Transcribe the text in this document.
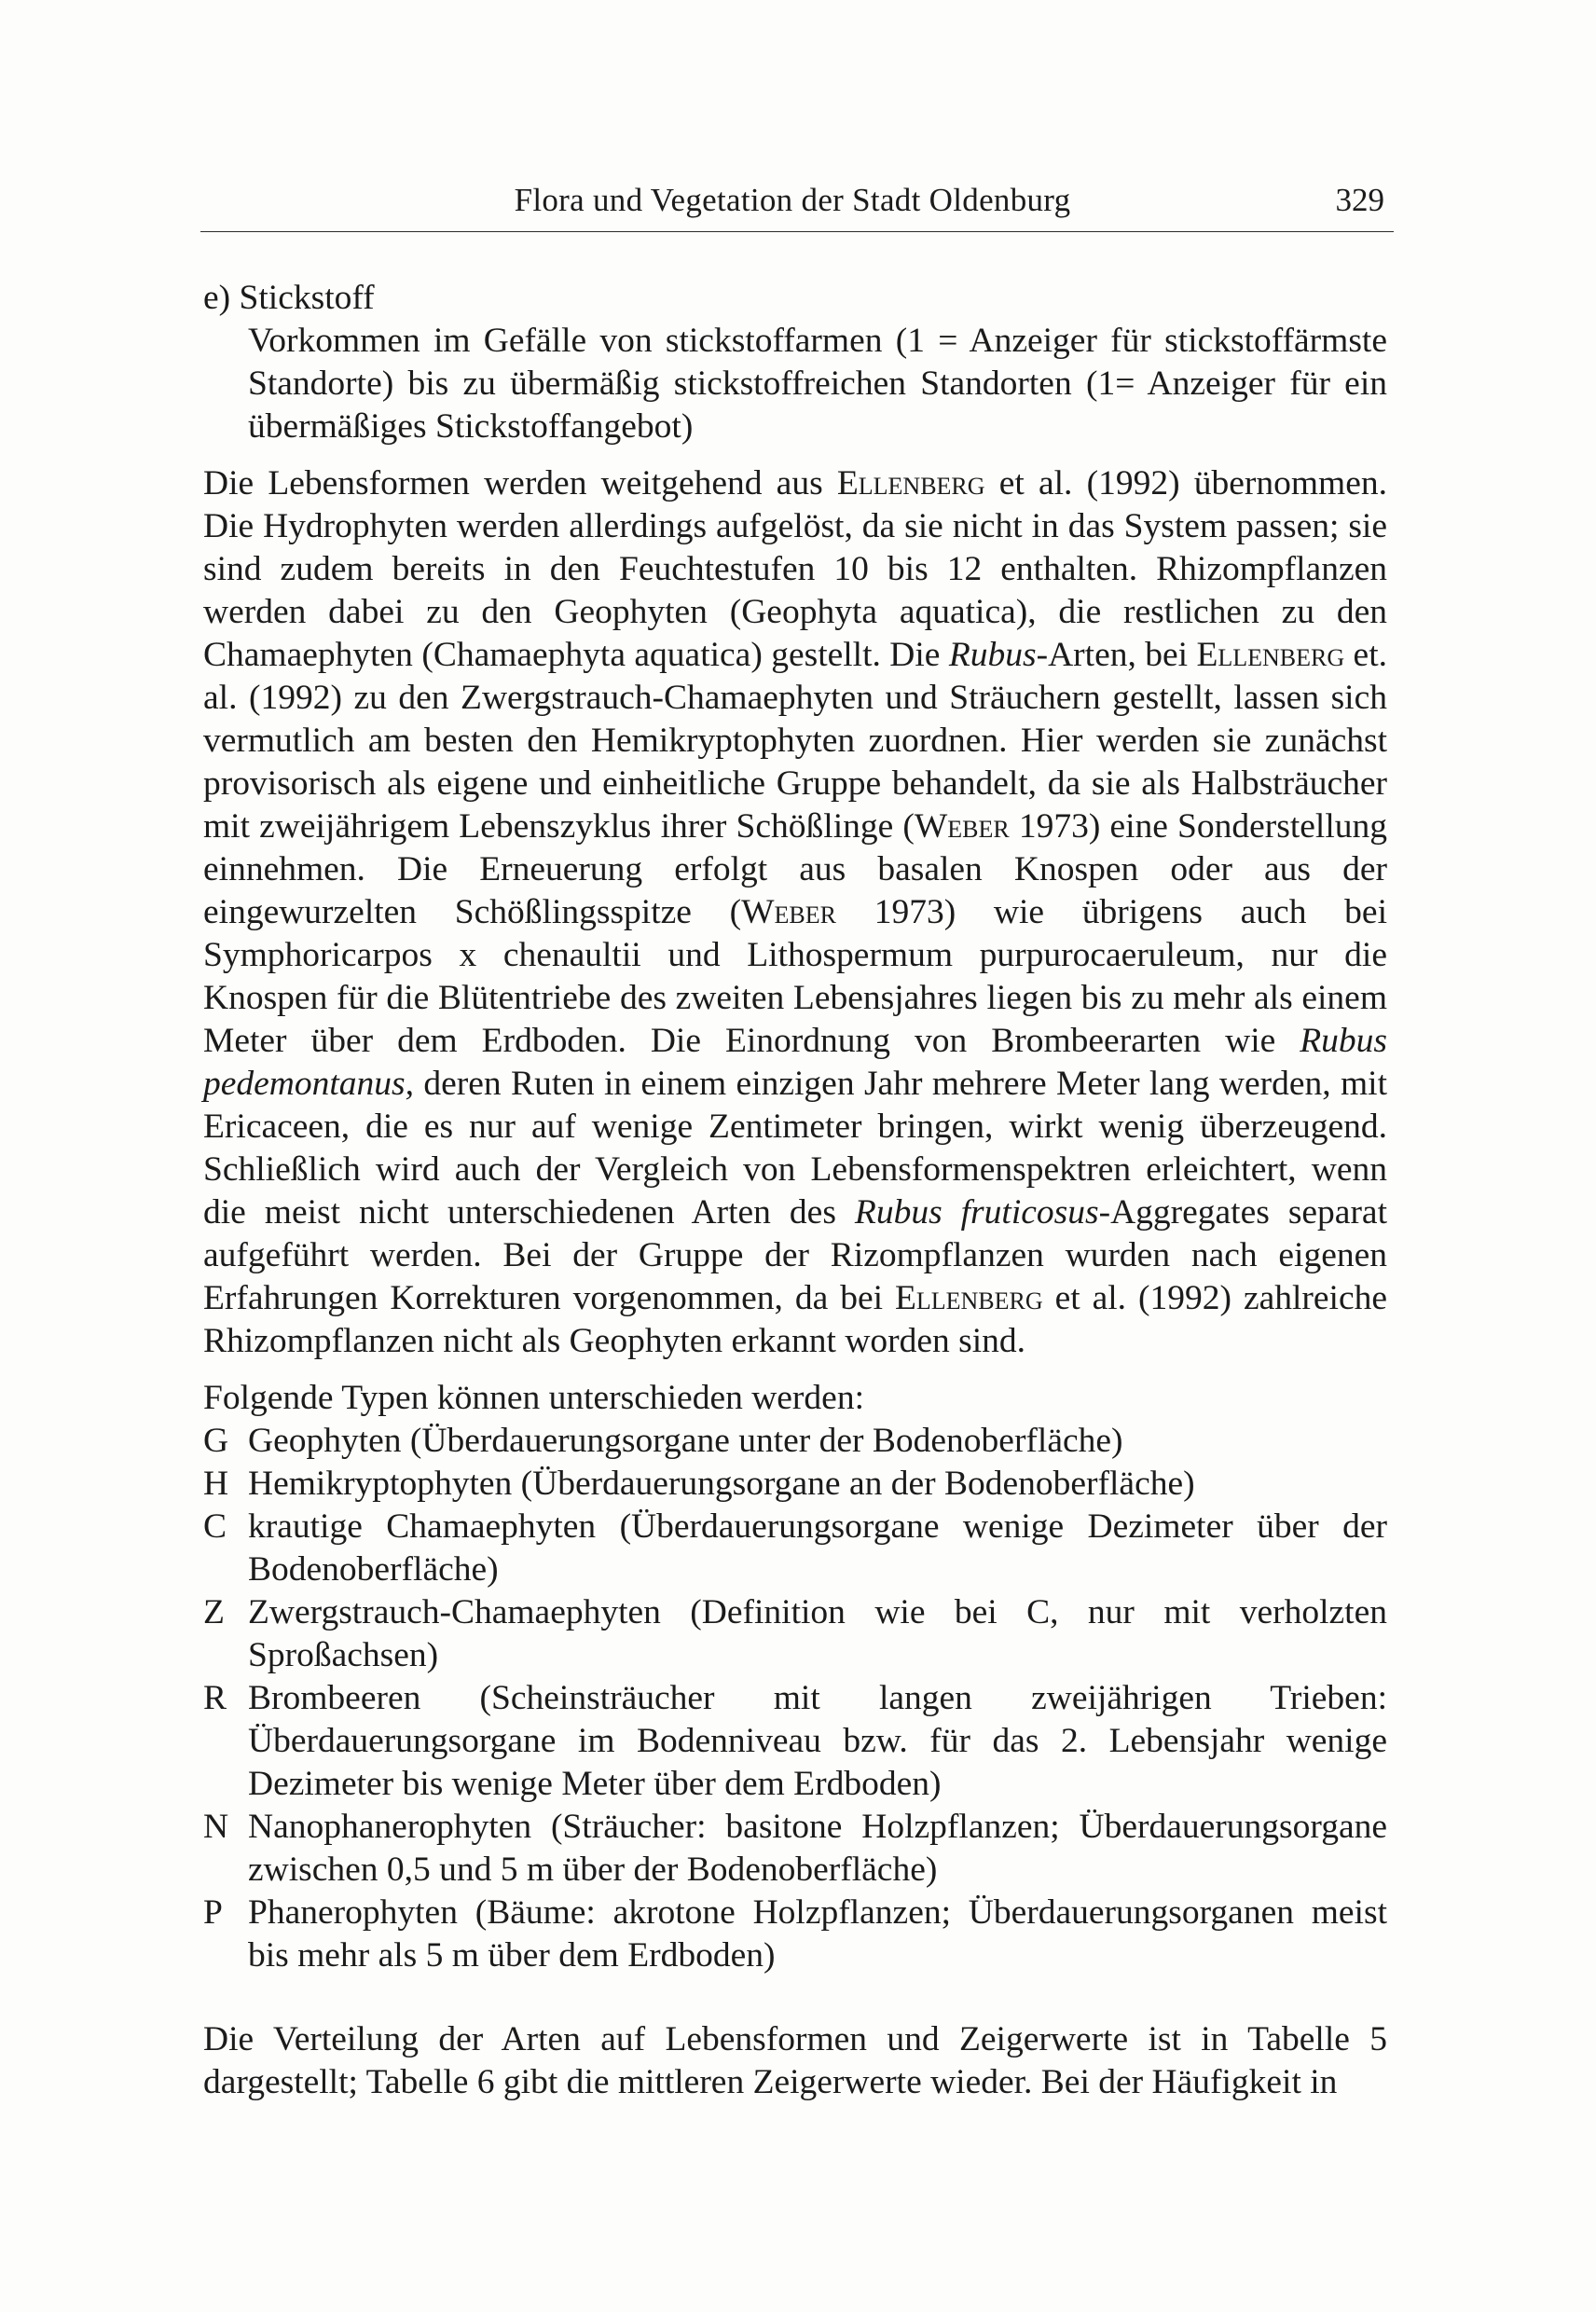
Flora und Vegetation der Stadt Oldenburg	329

e) Stickstoff

Vorkommen im Gefälle von stickstoffarmen (1 = Anzeiger für stickstoffärmste Standorte) bis zu übermäßig stickstoffreichen Standorten (1= Anzeiger für ein übermäßiges Stickstoffangebot)

Die Lebensformen werden weitgehend aus Ellenberg et al. (1992) übernommen. Die Hydrophyten werden allerdings aufgelöst, da sie nicht in das System passen; sie sind zudem bereits in den Feuchtestufen 10 bis 12 enthalten. Rhizompflanzen werden dabei zu den Geophyten (Geophyta aquatica), die restlichen zu den Chamaephyten (Chamaephyta aquatica) gestellt. Die Rubus-Arten, bei Ellenberg et. al. (1992) zu den Zwergstrauch-Chamaephyten und Sträuchern gestellt, lassen sich vermutlich am besten den Hemikryptophyten zuordnen. Hier werden sie zunächst provisorisch als eigene und einheitliche Gruppe behandelt, da sie als Halbsträucher mit zweijährigem Lebenszyklus ihrer Schößlinge (Weber 1973) eine Sonderstellung einnehmen. Die Erneuerung erfolgt aus basalen Knospen oder aus der eingewurzelten Schößlingsspitze (Weber 1973) wie übrigens auch bei Symphoricarpos x chenaultii und Lithospermum purpurocaeruleum, nur die Knospen für die Blütentriebe des zweiten Lebensjahres liegen bis zu mehr als einem Meter über dem Erdboden. Die Einordnung von Brombeerarten wie Rubus pedemontanus, deren Ruten in einem einzigen Jahr mehrere Meter lang werden, mit Ericaceen, die es nur auf wenige Zentimeter bringen, wirkt wenig überzeugend. Schließlich wird auch der Vergleich von Lebensformenspektren erleichtert, wenn die meist nicht unterschiedenen Arten des Rubus fruticosus-Aggregates separat aufgeführt werden. Bei der Gruppe der Rizompflanzen wurden nach eigenen Erfahrungen Korrekturen vorgenommen, da bei Ellenberg et al. (1992) zahlreiche Rhizompflanzen nicht als Geophyten erkannt worden sind.

Folgende Typen können unterschieden werden:

G Geophyten (Überdauerungsorgane unter der Bodenoberfläche)
H Hemikryptophyten (Überdauerungsorgane an der Bodenoberfläche)
C krautige Chamaephyten (Überdauerungsorgane wenige Dezimeter über der Bodenoberfläche)
Z Zwergstrauch-Chamaephyten (Definition wie bei C, nur mit verholzten Sproßachsen)
R Brombeeren (Scheinsträucher mit langen zweijährigen Trieben: Überdauerungsorgane im Bodenniveau bzw. für das 2. Lebensjahr wenige Dezimeter bis wenige Meter über dem Erdboden)
N Nanophanerophyten (Sträucher: basitone Holzpflanzen; Überdauerungsorgane zwischen 0,5 und 5 m über der Bodenoberfläche)
P Phanerophyten (Bäume: akrotone Holzpflanzen; Überdauerungsorganen meist bis mehr als 5 m über dem Erdboden)

Die Verteilung der Arten auf Lebensformen und Zeigerwerte ist in Tabelle 5 dargestellt; Tabelle 6 gibt die mittleren Zeigerwerte wieder. Bei der Häufigkeit in
